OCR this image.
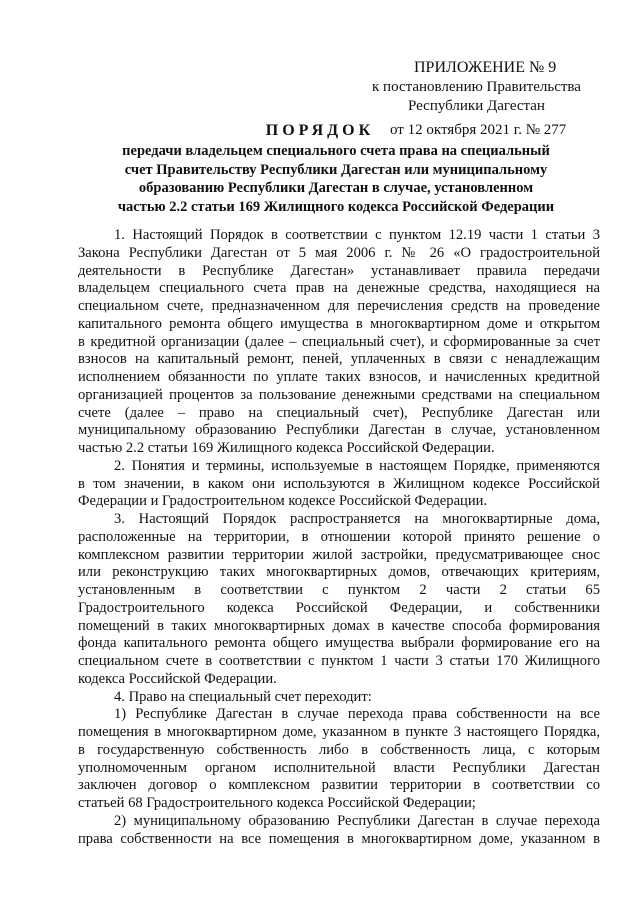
ПРИЛОЖЕНИЕ № 9
к постановлению Правительства
Республики Дагестан
от 12 октября 2021 г. № 277
ПОРЯДОК
передачи владельцем специального счета права на специальный
счет Правительству Республики Дагестан или муниципальному
образованию Республики Дагестан в случае, установленном
частью 2.2 статьи 169 Жилищного кодекса Российской Федерации
1. Настоящий Порядок в соответствии с пунктом 12.19 части 1 статьи 3
Закона Республики Дагестан от 5 мая 2006 г. № 26 «О градостроительной
деятельности в Республике Дагестан» устанавливает правила передачи
владельцем специального счета прав на денежные средства, находящиеся на
специальном счете, предназначенном для перечисления средств на проведение
капитального ремонта общего имущества в многоквартирном доме и открытом
в кредитной организации (далее – специальный счет), и сформированные за счет
взносов на капитальный ремонт, пеней, уплаченных в связи с ненадлежащим
исполнением обязанности по уплате таких взносов, и начисленных кредитной
организацией процентов за пользование денежными средствами на специальном
счете (далее – право на специальный счет), Республике Дагестан или
муниципальному образованию Республики Дагестан в случае, установленном
частью 2.2 статьи 169 Жилищного кодекса Российской Федерации.
2. Понятия и термины, используемые в настоящем Порядке, применяются
в том значении, в каком они используются в Жилищном кодексе Российской
Федерации и Градостроительном кодексе Российской Федерации.
3. Настоящий Порядок распространяется на многоквартирные дома,
расположенные на территории, в отношении которой принято решение о
комплексном развитии территории жилой застройки, предусматривающее снос
или реконструкцию таких многоквартирных домов, отвечающих критериям,
установленным в соответствии с пунктом 2 части 2 статьи 65
Градостроительного кодекса Российской Федерации, и собственники
помещений в таких многоквартирных домах в качестве способа формирования
фонда капитального ремонта общего имущества выбрали формирование его на
специальном счете в соответствии с пунктом 1 части 3 статьи 170 Жилищного
кодекса Российской Федерации.
4. Право на специальный счет переходит:
1) Республике Дагестан в случае перехода права собственности на все
помещения в многоквартирном доме, указанном в пункте 3 настоящего Порядка,
в государственную собственность либо в собственность лица, с которым
уполномоченным органом исполнительной власти Республики Дагестан
заключен договор о комплексном развитии территории в соответствии со
статьей 68 Градостроительного кодекса Российской Федерации;
2) муниципальному образованию Республики Дагестан в случае перехода
права собственности на все помещения в многоквартирном доме, указанном в
